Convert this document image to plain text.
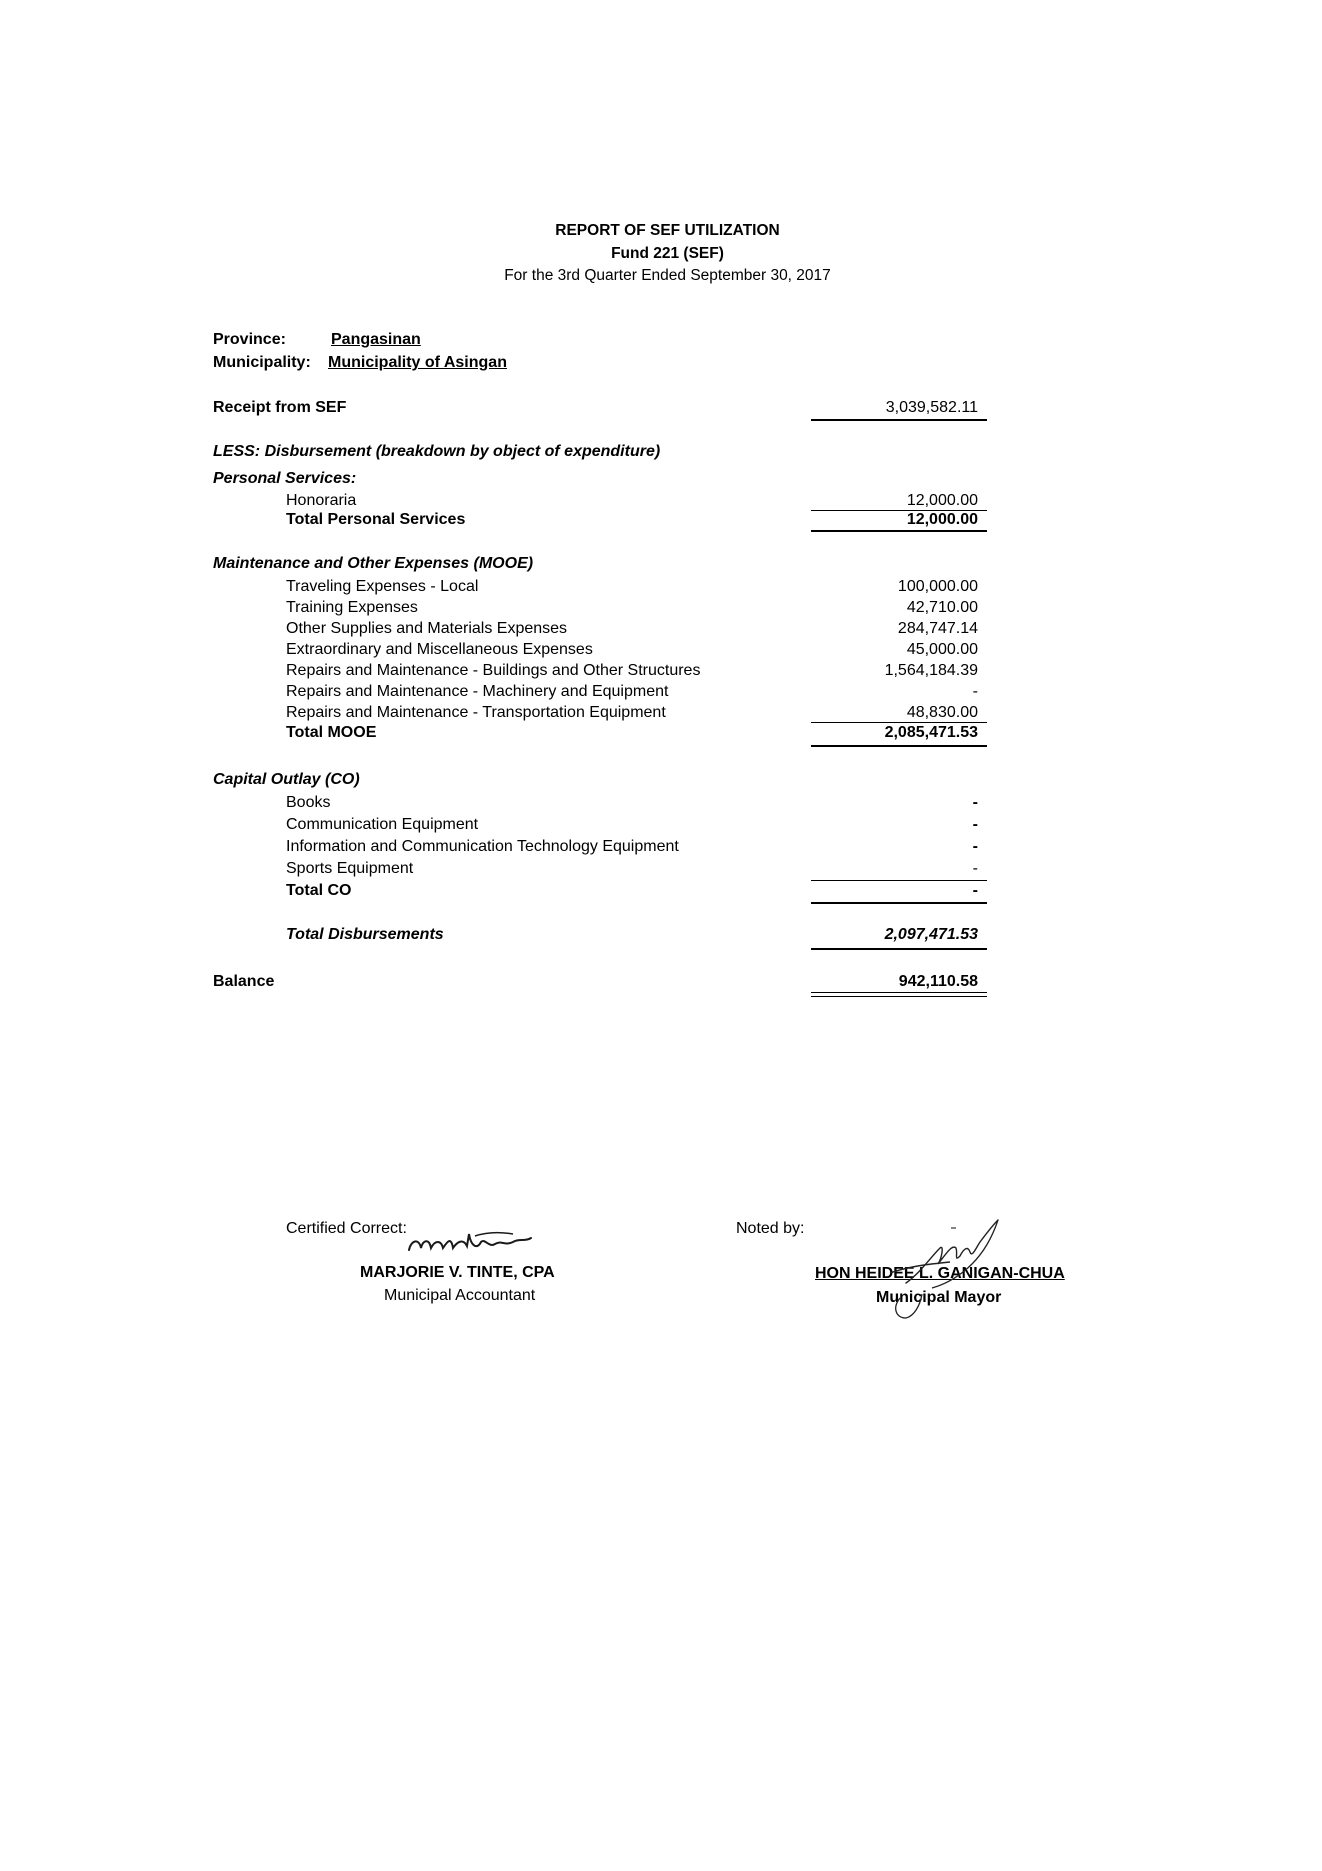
REPORT OF SEF UTILIZATION
Fund 221 (SEF)
For the 3rd Quarter Ended September 30, 2017
Province:	Pangasinan
Municipality: Municipality of Asingan
Receipt from SEF	3,039,582.11
LESS: Disbursement (breakdown by object of expenditure)
Personal Services:
Honoraria	12,000.00
Total Personal Services	12,000.00
Maintenance and Other Expenses (MOOE)
Traveling Expenses - Local	100,000.00
Training Expenses	42,710.00
Other Supplies and Materials Expenses	284,747.14
Extraordinary and Miscellaneous Expenses	45,000.00
Repairs and Maintenance - Buildings and Other Structures	1,564,184.39
Repairs and Maintenance - Machinery and Equipment	-
Repairs and Maintenance - Transportation Equipment	48,830.00
Total MOOE	2,085,471.53
Capital Outlay (CO)
Books	-
Communication Equipment	-
Information and Communication Technology Equipment	-
Sports Equipment	-
Total CO	-
Total Disbursements	2,097,471.53
Balance	942,110.58
Certified Correct:
MARJORIE V. TINTE, CPA
Municipal Accountant
Noted by:
HON HEIDEE L. GANIGAN-CHUA
Municipal Mayor
